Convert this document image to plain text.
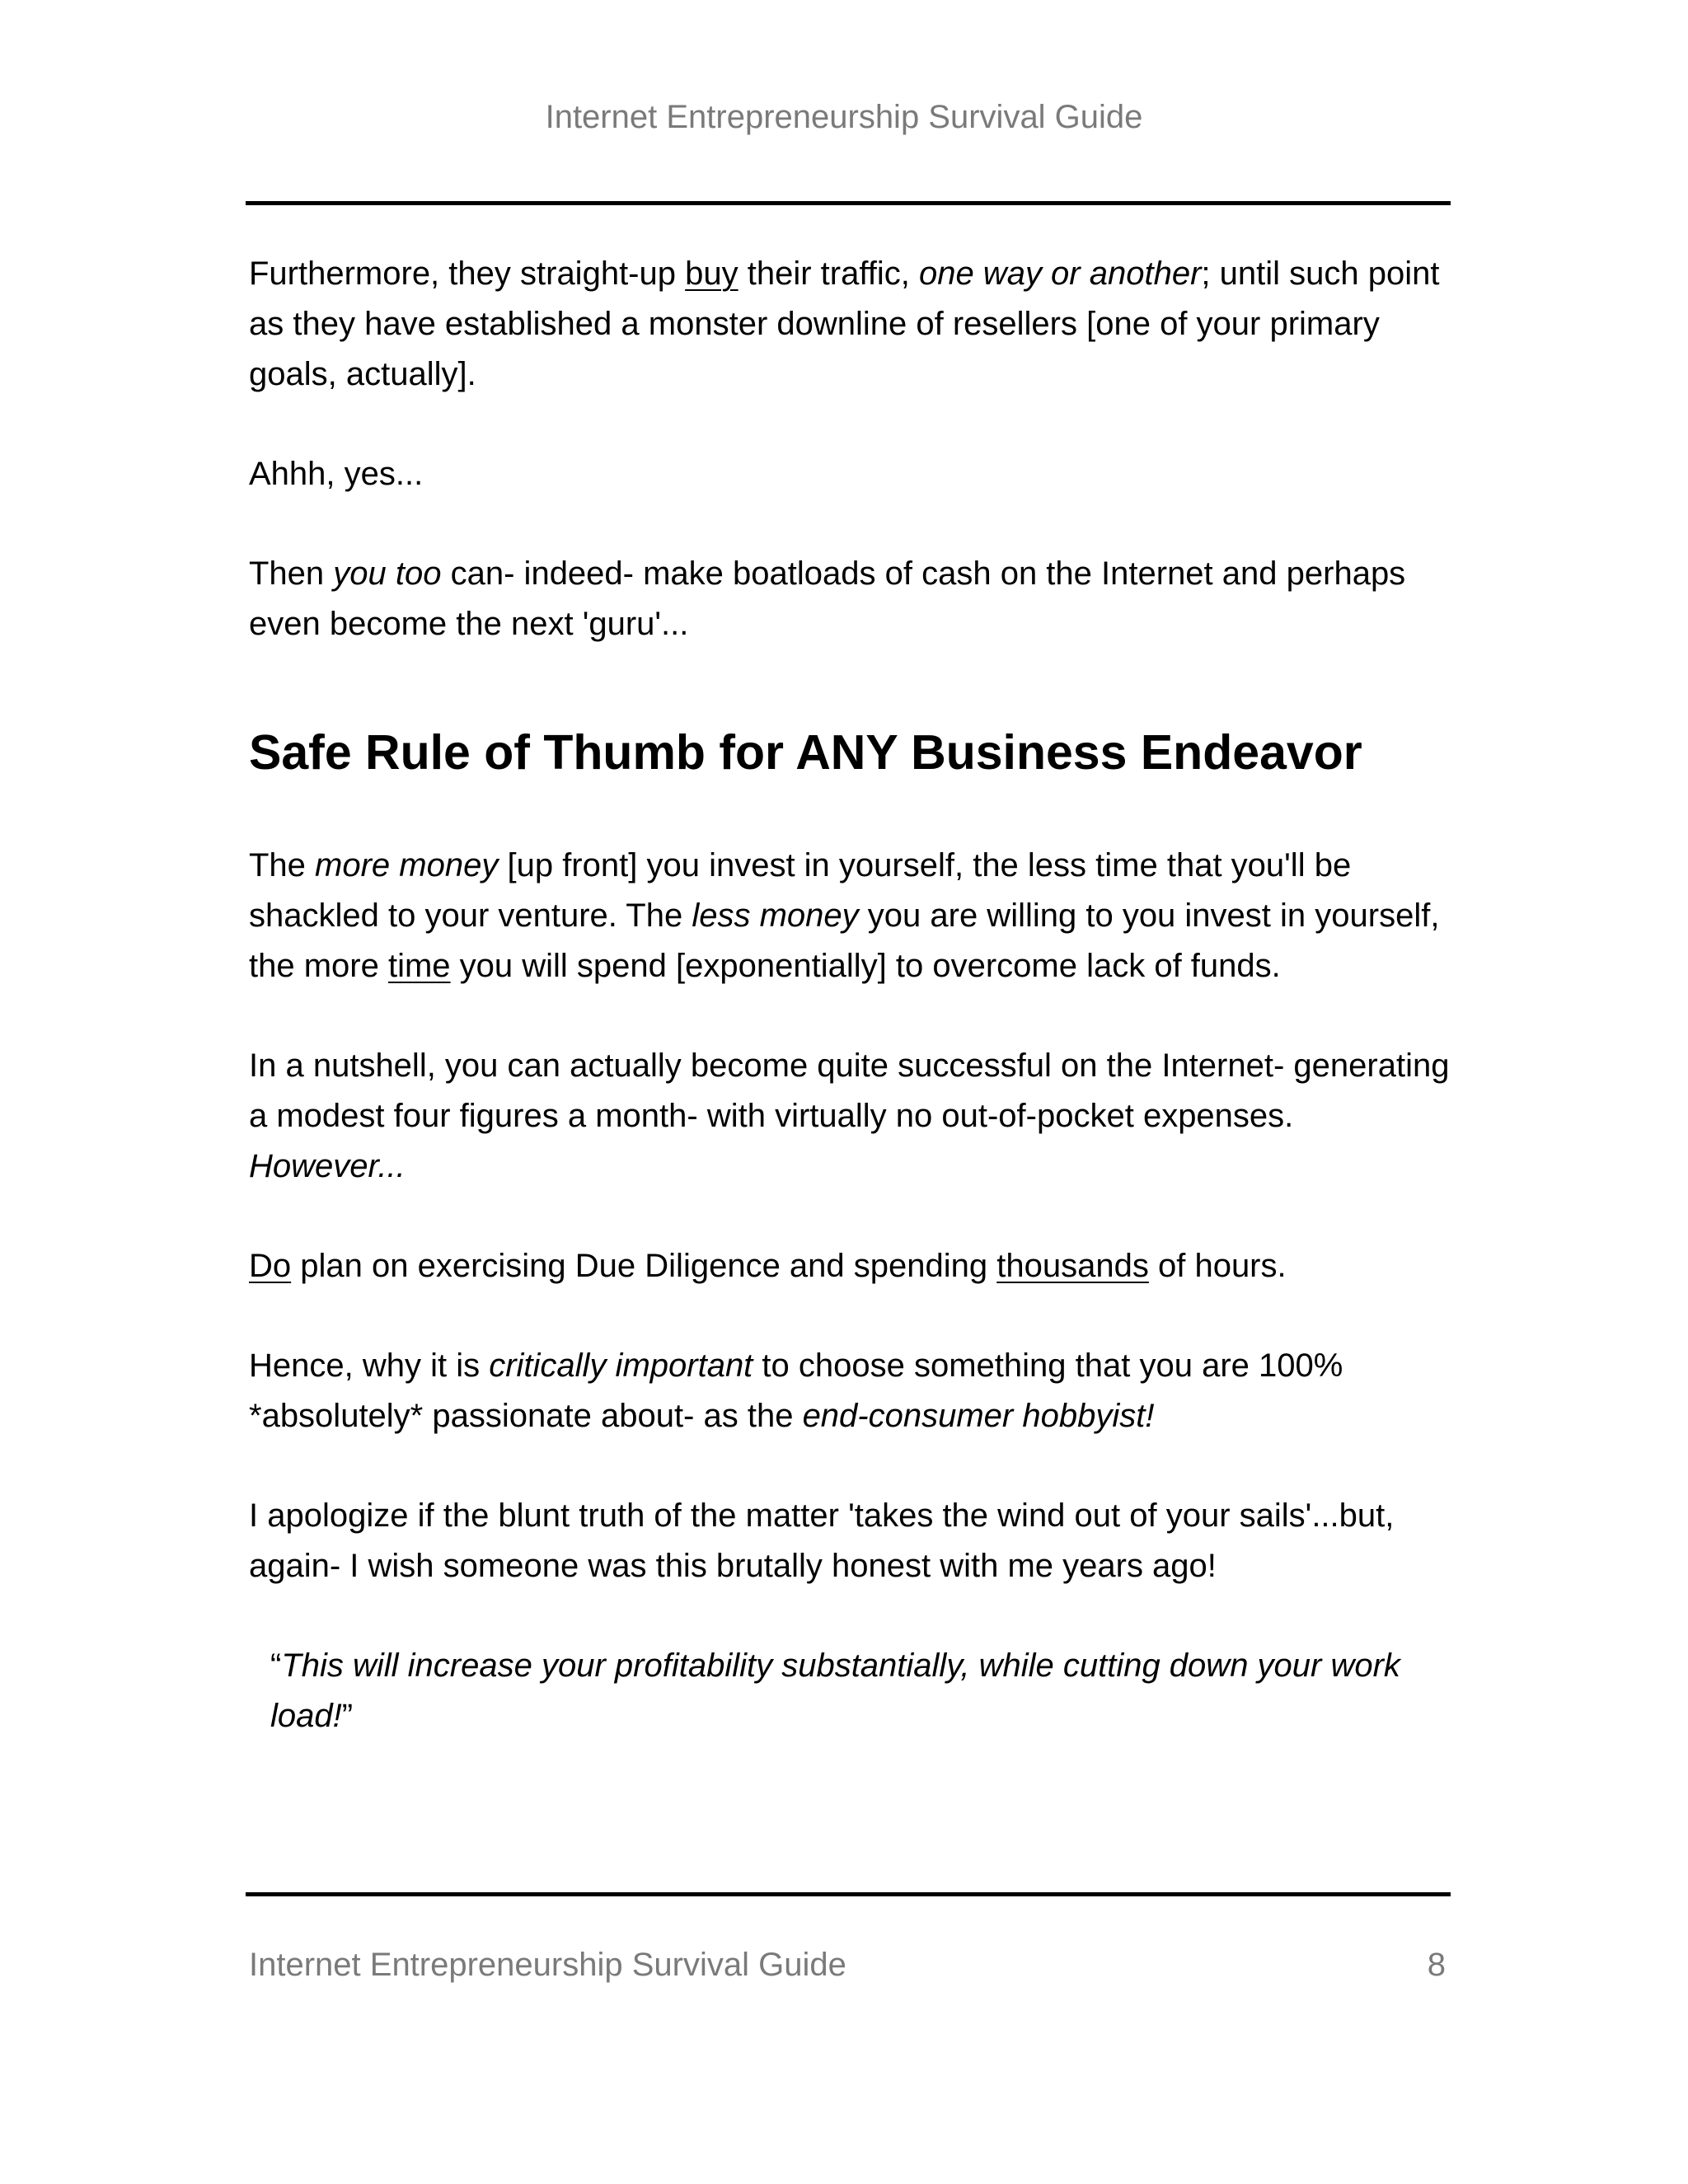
Internet Entrepreneurship Survival Guide

Furthermore, they straight-up buy their traffic, one way or another; until such point as they have established a monster downline of resellers [one of your primary goals, actually].

Ahhh, yes...

Then you too can- indeed- make boatloads of cash on the Internet and perhaps even become the next 'guru'...

Safe Rule of Thumb for ANY Business Endeavor

The more money [up front] you invest in yourself, the less time that you'll be shackled to your venture. The less money you are willing to you invest in yourself, the more time you will spend [exponentially] to overcome lack of funds.

In a nutshell, you can actually become quite successful on the Internet- generating a modest four figures a month- with virtually no out-of-pocket expenses. However...

Do plan on exercising Due Diligence and spending thousands of hours.

Hence, why it is critically important to choose something that you are 100% *absolutely* passionate about- as the end-consumer hobbyist!

I apologize if the blunt truth of the matter 'takes the wind out of your sails'...but, again- I wish someone was this brutally honest with me years ago!

“This will increase your profitability substantially, while cutting down your work load!”

Internet Entrepreneurship Survival Guide	8
